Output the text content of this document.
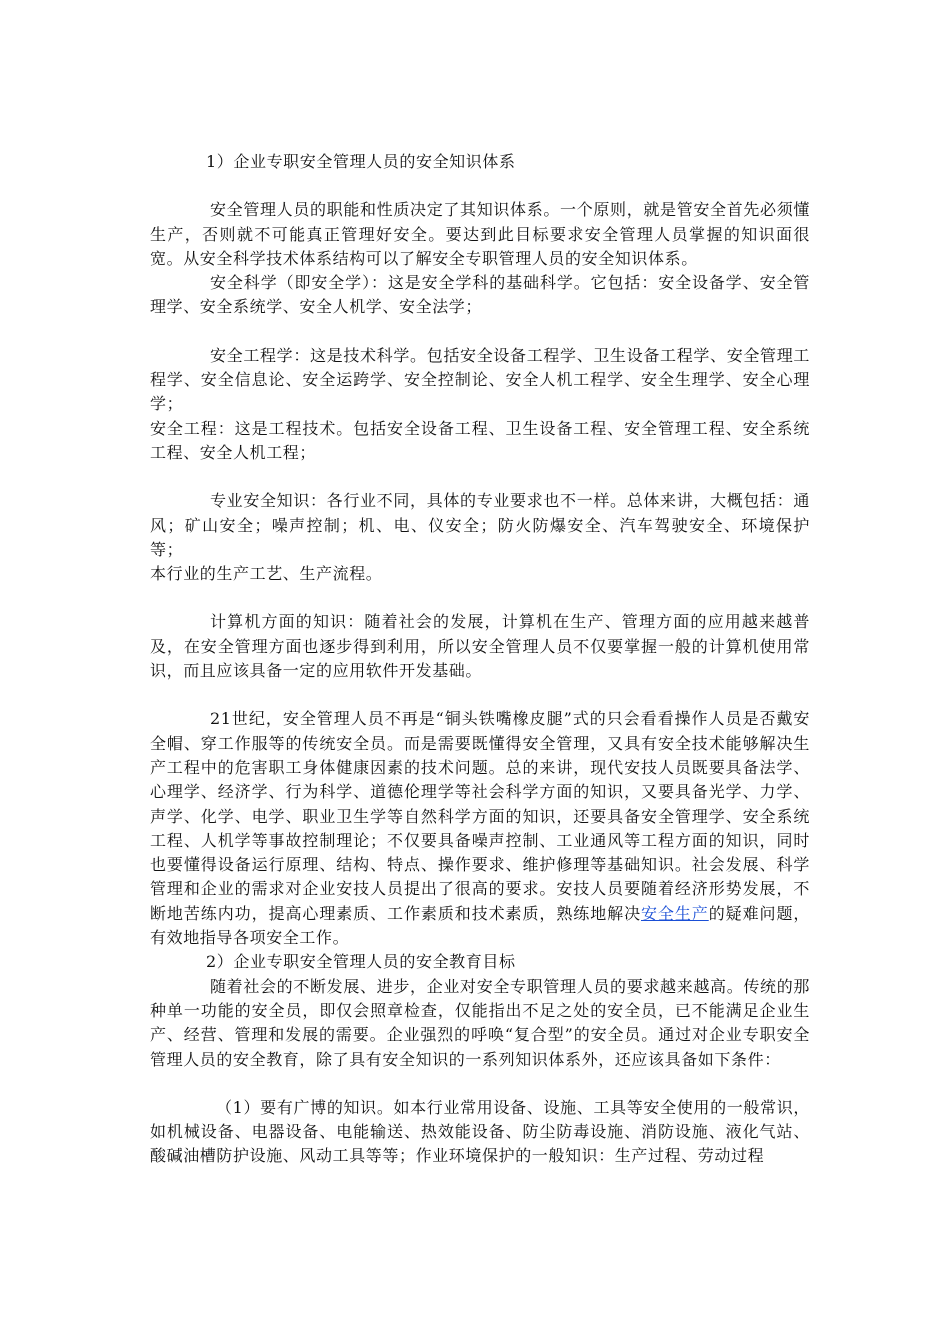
1）企业专职安全管理人员的安全知识体系

安全管理人员的职能和性质决定了其知识体系。一个原则，就是管安全首先必须懂生产，否则就不可能真正管理好安全。要达到此目标要求安全管理人员掌握的知识面很宽。从安全科学技术体系结构可以了解安全专职管理人员的安全知识体系。

安全科学（即安全学）：这是安全学科的基础科学。它包括：安全设备学、安全管理学、安全系统学、安全人机学、安全法学；

安全工程学：这是技术科学。包括安全设备工程学、卫生设备工程学、安全管理工程学、安全信息论、安全运跨学、安全控制论、安全人机工程学、安全生理学、安全心理学；

安全工程：这是工程技术。包括安全设备工程、卫生设备工程、安全管理工程、安全系统工程、安全人机工程；

专业安全知识：各行业不同，具体的专业要求也不一样。总体来讲，大概包括：通风；矿山安全；噪声控制；机、电、仪安全；防火防爆安全、汽车驾驶安全、环境保护等；

本行业的生产工艺、生产流程。

计算机方面的知识：随着社会的发展，计算机在生产、管理方面的应用越来越普及，在安全管理方面也逐步得到利用，所以安全管理人员不仅要掌握一般的计算机使用常识，而且应该具备一定的应用软件开发基础。

21世纪，安全管理人员不再是“铜头铁嘴橡皮腿”式的只会看看操作人员是否戴安全帽、穿工作服等的传统安全员。而是需要既懂得安全管理，又具有安全技术能够解决生产工程中的危害职工身体健康因素的技术问题。总的来讲，现代安技人员既要具备法学、心理学、经济学、行为科学、道德伦理学等社会科学方面的知识，又要具备光学、力学、声学、化学、电学、职业卫生学等自然科学方面的知识，还要具备安全管理学、安全系统工程、人机学等事故控制理论；不仅要具备噪声控制、工业通风等工程方面的知识，同时也要懂得设备运行原理、结构、特点、操作要求、维护修理等基础知识。社会发展、科学管理和企业的需求对企业安技人员提出了很高的要求。安技人员要随着经济形势发展，不断地苦练内功，提高心理素质、工作素质和技术素质，熟练地解决安全生产的疑难问题，有效地指导各项安全工作。

2）企业专职安全管理人员的安全教育目标

随着社会的不断发展、进步，企业对安全专职管理人员的要求越来越高。传统的那种单一功能的安全员，即仅会照章检查，仅能指出不足之处的安全员，已不能满足企业生产、经营、管理和发展的需要。企业强烈的呼唤“复合型”的安全员。通过对企业专职安全管理人员的安全教育，除了具有安全知识的一系列知识体系外，还应该具备如下条件：

（1）要有广博的知识。如本行业常用设备、设施、工具等安全使用的一般常识，如机械设备、电器设备、电能输送、热效能设备、防尘防毒设施、消防设施、液化气站、酸碱油槽防护设施、风动工具等等；作业环境保护的一般知识：生产过程、劳动过程
